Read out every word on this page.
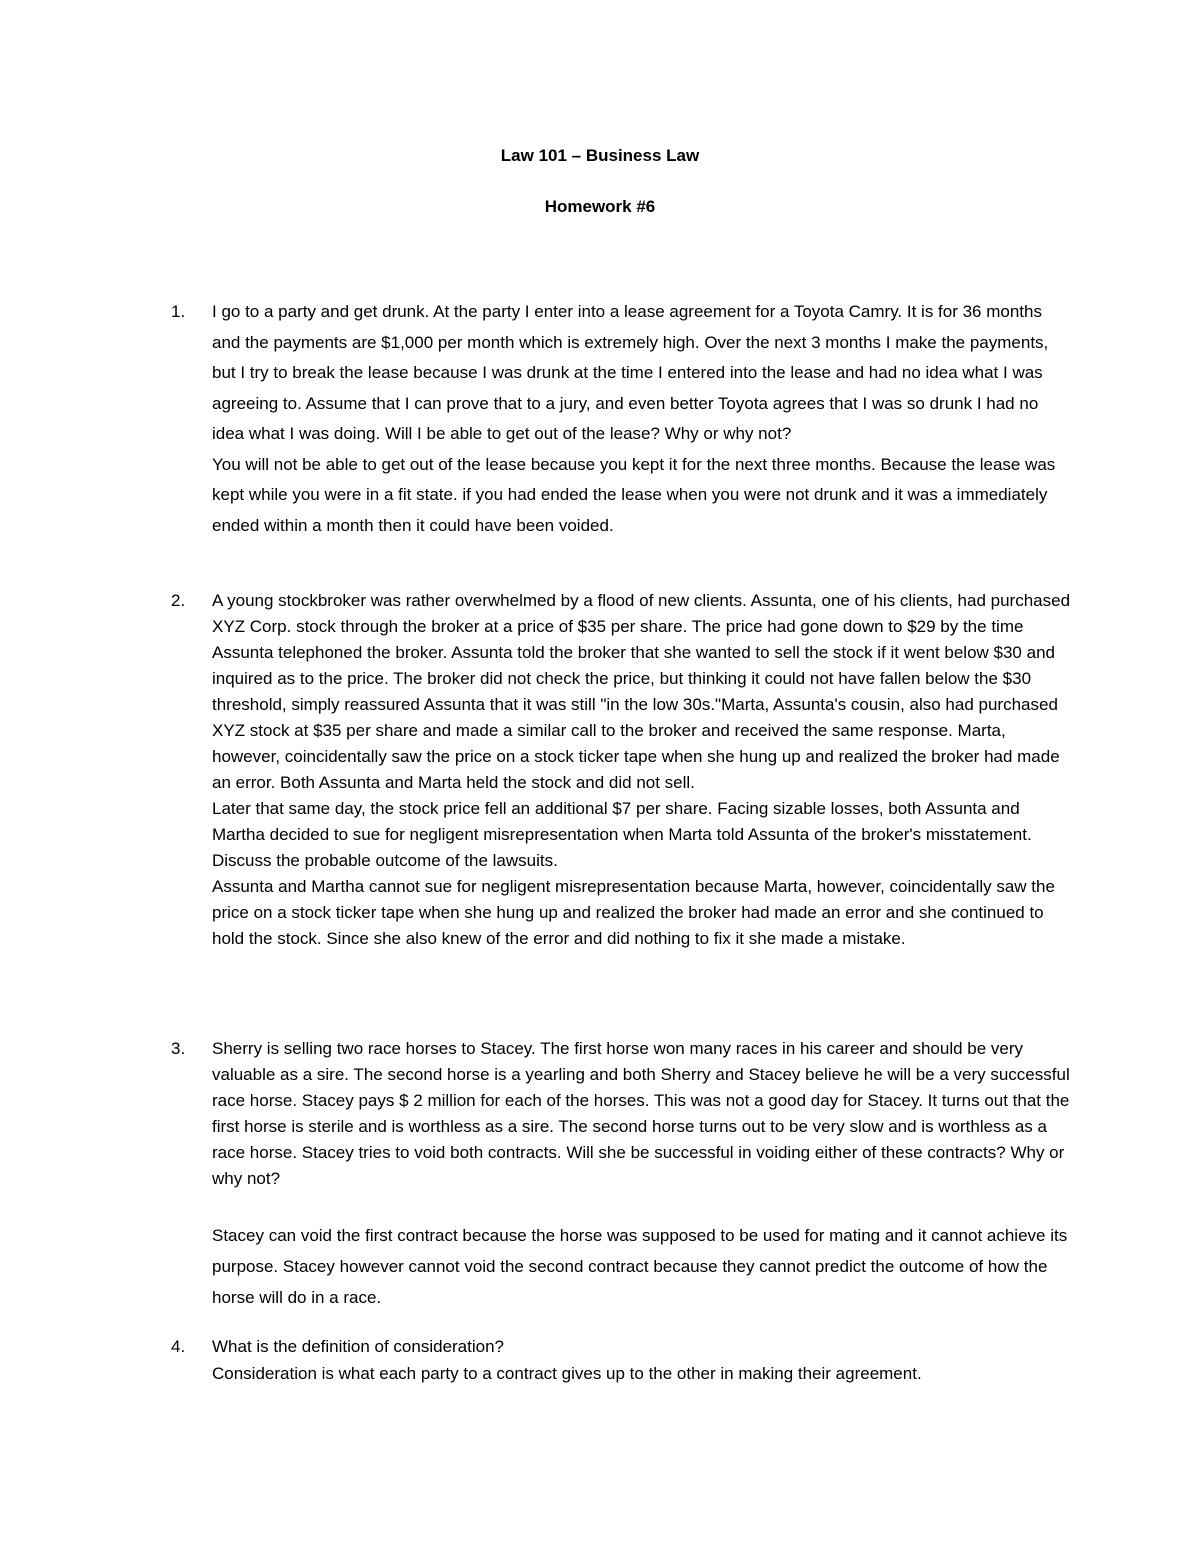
Law 101 – Business Law
Homework #6
1. I go to a party and get drunk. At the party I enter into a lease agreement for a Toyota Camry. It is for 36 months and the payments are $1,000 per month which is extremely high. Over the next 3 months I make the payments, but I try to break the lease because I was drunk at the time I entered into the lease and had no idea what I was agreeing to. Assume that I can prove that to a jury, and even better Toyota agrees that I was so drunk I had no idea what I was doing. Will I be able to get out of the lease? Why or why not?

You will not be able to get out of the lease because you kept it for the next three months. Because the lease was kept while you were in a fit state. if you had ended the lease when you were not drunk and it was a immediately ended within a month then it could have been voided.

2. A young stockbroker was rather overwhelmed by a flood of new clients. Assunta, one of his clients, had purchased XYZ Corp. stock through the broker at a price of $35 per share. The price had gone down to $29 by the time Assunta telephoned the broker. Assunta told the broker that she wanted to sell the stock if it went below $30 and inquired as to the price. The broker did not check the price, but thinking it could not have fallen below the $30 threshold, simply reassured Assunta that it was still "in the low 30s."Marta, Assunta's cousin, also had purchased XYZ stock at $35 per share and made a similar call to the broker and received the same response. Marta, however, coincidentally saw the price on a stock ticker tape when she hung up and realized the broker had made an error. Both Assunta and Marta held the stock and did not sell.

Later that same day, the stock price fell an additional $7 per share. Facing sizable losses, both Assunta and Martha decided to sue for negligent misrepresentation when Marta told Assunta of the broker's misstatement. Discuss the probable outcome of the lawsuits.

Assunta and Martha cannot sue for negligent misrepresentation because Marta, however, coincidentally saw the price on a stock ticker tape when she hung up and realized the broker had made an error and she continued to hold the stock. Since she also knew of the error and did nothing to fix it she made a mistake.

3. Sherry is selling two race horses to Stacey. The first horse won many races in his career and should be very valuable as a sire. The second horse is a yearling and both Sherry and Stacey believe he will be a very successful race horse. Stacey pays $ 2 million for each of the horses. This was not a good day for Stacey. It turns out that the first horse is sterile and is worthless as a sire. The second horse turns out to be very slow and is worthless as a race horse. Stacey tries to void both contracts. Will she be successful in voiding either of these contracts? Why or why not?

Stacey can void the first contract because the horse was supposed to be used for mating and it cannot achieve its purpose. Stacey however cannot void the second contract because they cannot predict the outcome of how the horse will do in a race.

4. What is the definition of consideration?

Consideration is what each party to a contract gives up to the other in making their agreement.
